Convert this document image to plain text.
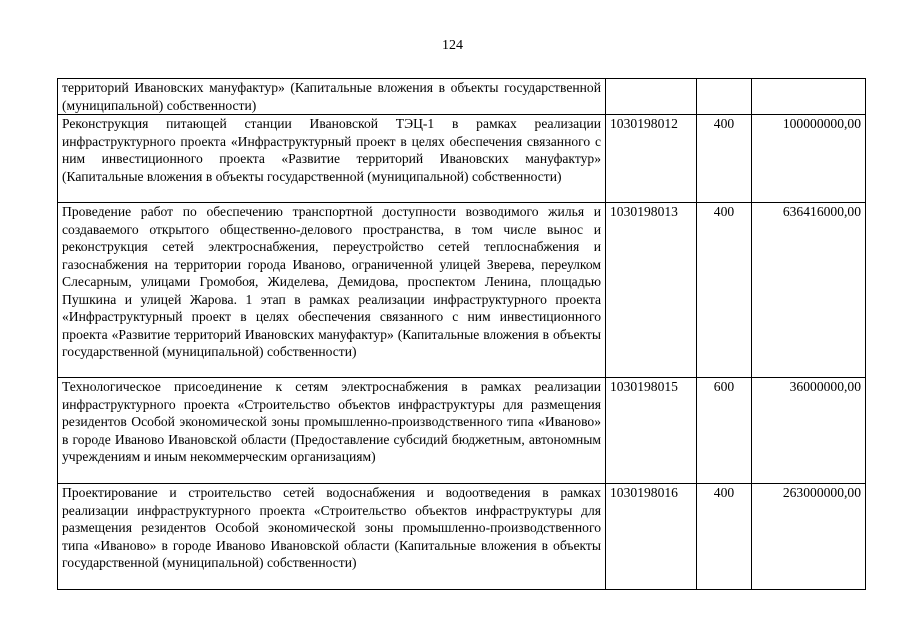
124
территорий Ивановских мануфактур» (Капитальные вложения в объекты государственной (муниципальной) собственности)			
Реконструкция питающей станции Ивановской ТЭЦ-1 в рамках реализации инфраструктурного проекта «Инфраструктурный проект в целях обеспечения связанного с ним инвестиционного проекта «Развитие территорий Ивановских мануфактур» (Капитальные вложения в объекты государственной (муниципальной) собственности)	1030198012	400	100000000,00
Проведение работ по обеспечению транспортной доступности возводимого жилья и создаваемого открытого общественно-делового пространства, в том числе вынос и реконструкция сетей электроснабжения, переустройство сетей теплоснабжения и газоснабжения на территории города Иваново, ограниченной улицей Зверева, переулком Слесарным, улицами Громобоя, Жиделева, Демидова, проспектом Ленина, площадью Пушкина и улицей Жарова. 1 этап в рамках реализации инфраструктурного проекта «Инфраструктурный проект в целях обеспечения связанного с ним инвестиционного проекта «Развитие территорий Ивановских мануфактур» (Капитальные вложения в объекты государственной (муниципальной) собственности)	1030198013	400	636416000,00
Технологическое присоединение к сетям электроснабжения в рамках реализации инфраструктурного проекта «Строительство объектов инфраструктуры для размещения резидентов Особой экономической зоны промышленно-производственного типа «Иваново» в городе Иваново Ивановской области (Предоставление субсидий бюджетным, автономным учреждениям и иным некоммерческим организациям)	1030198015	600	36000000,00
Проектирование и строительство сетей водоснабжения и водоотведения в рамках реализации инфраструктурного проекта «Строительство объектов инфраструктуры для размещения резидентов Особой экономической зоны промышленно-производственного типа «Иваново» в городе Иваново Ивановской области (Капитальные вложения в объекты государственной (муниципальной) собственности)	1030198016	400	263000000,00
